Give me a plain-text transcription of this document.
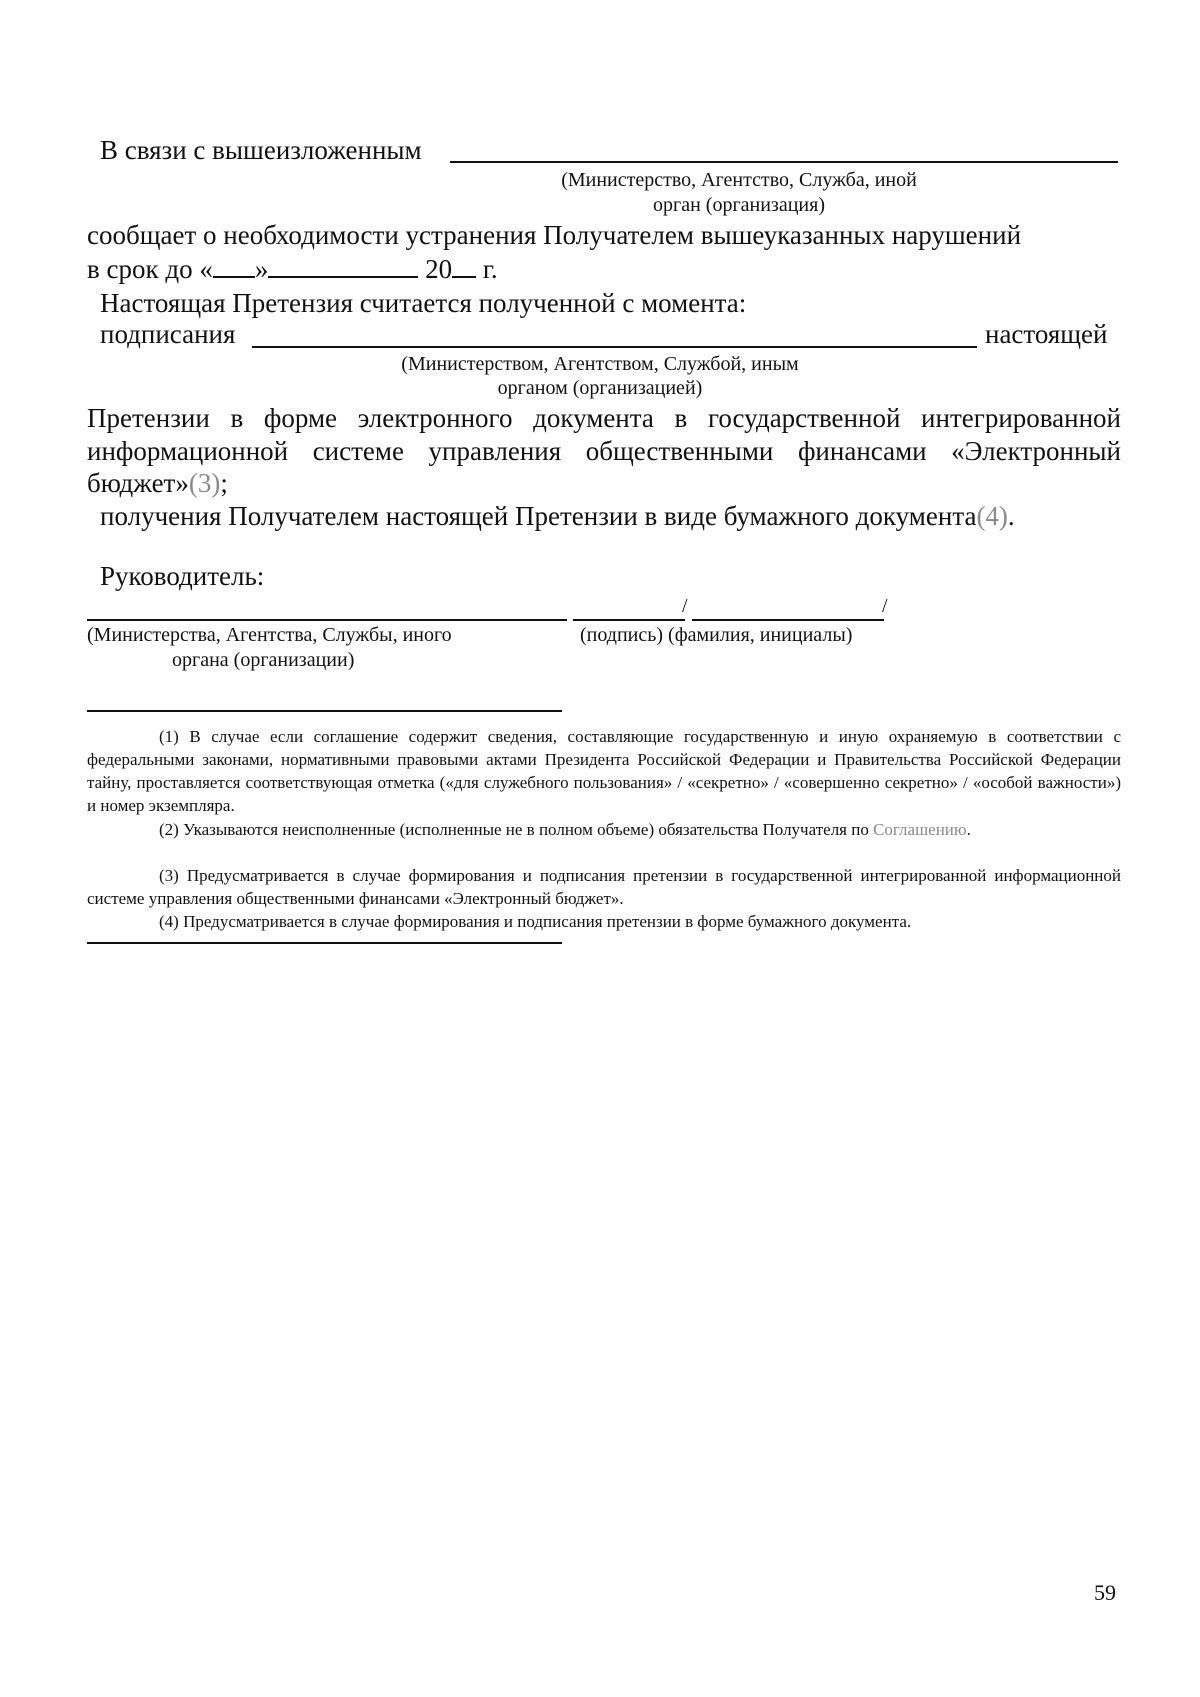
В связи с вышеизложенным
(Министерство, Агентство, Служба, иной
орган (организация)
сообщает о необходимости устранения Получателем вышеуказанных нарушений
в срок до « »	20 г.
Настоящая Претензия считается полученной с момента:
подписания	настоящей
(Министерством, Агентством, Службой, иным
органом (организацией)
Претензии в форме электронного документа в государственной интегрированной
информационной системе управления общественными финансами «Электронный
бюджет»(3);
получения Получателем настоящей Претензии в виде бумажного документа(4).
Руководитель:
/	/
(Министерства, Агентства, Службы, иного
органа (организации)
(подпись) (фамилия, инициалы)
(1) В случае если соглашение содержит сведения, составляющие государственную и иную охраняемую в соответствии с федеральными законами, нормативными правовыми актами Президента Российской Федерации и Правительства Российской Федерации тайну, проставляется соответствующая отметка («для служебного пользования» / «секретно» / «совершенно секретно» / «особой важности») и номер экземпляра.
(2) Указываются неисполненные (исполненные не в полном объеме) обязательства Получателя по Соглашению.
(3) Предусматривается в случае формирования и подписания претензии в государственной интегрированной информационной системе управления общественными финансами «Электронный бюджет».
(4) Предусматривается в случае формирования и подписания претензии в форме бумажного документа.
59
